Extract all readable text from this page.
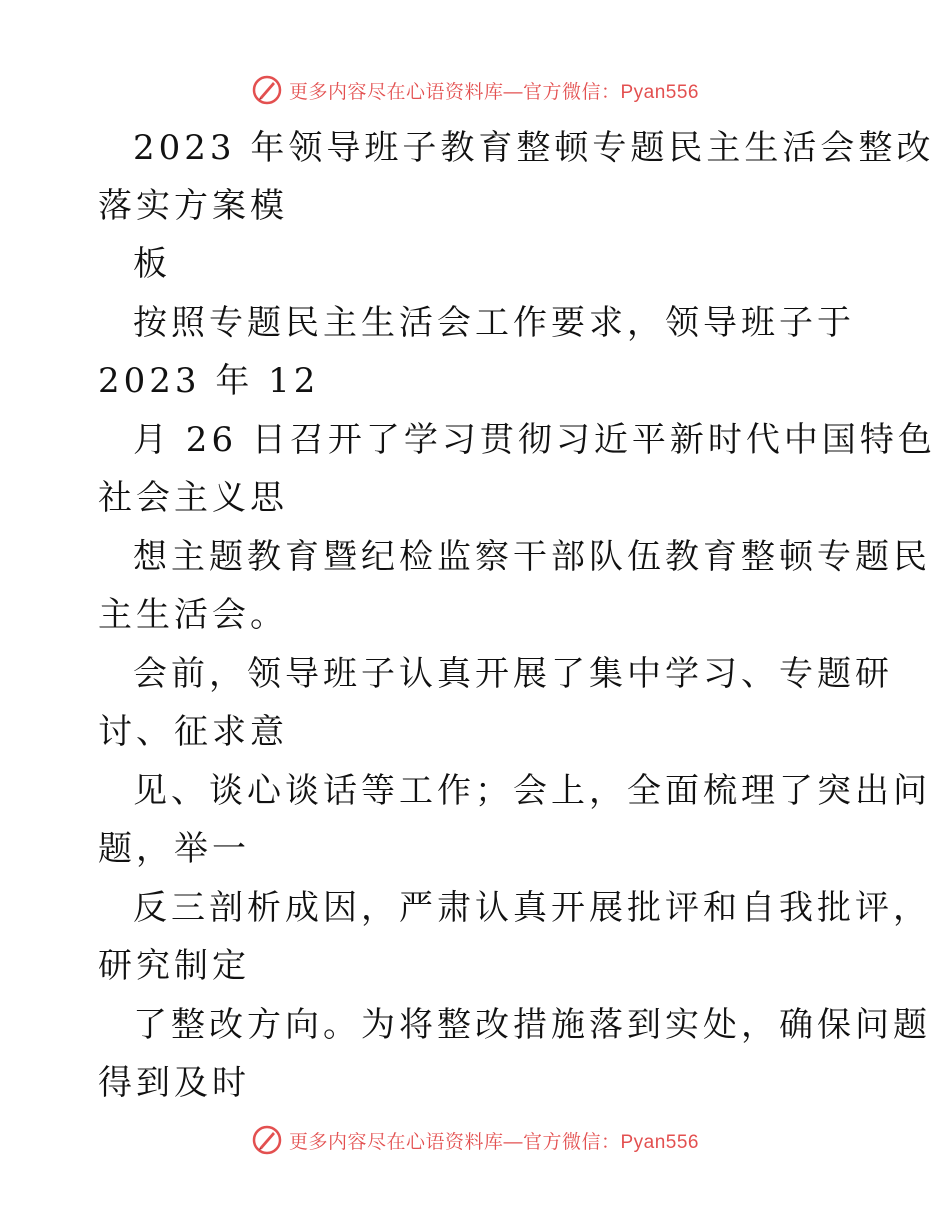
更多内容尽在心语资料库—官方微信：Pyan556
2023 年领导班子教育整顿专题民主生活会整改
落实方案模
板
按照专题民主生活会工作要求，领导班子于
2023 年 12
月 26 日召开了学习贯彻习近平新时代中国特色
社会主义思
想主题教育暨纪检监察干部队伍教育整顿专题民
主生活会。
会前，领导班子认真开展了集中学习、专题研
讨、征求意
见、谈心谈话等工作；会上，全面梳理了突出问
题，举一
反三剖析成因，严肃认真开展批评和自我批评，
研究制定
了整改方向。为将整改措施落到实处，确保问题
得到及时
更多内容尽在心语资料库—官方微信：Pyan556
